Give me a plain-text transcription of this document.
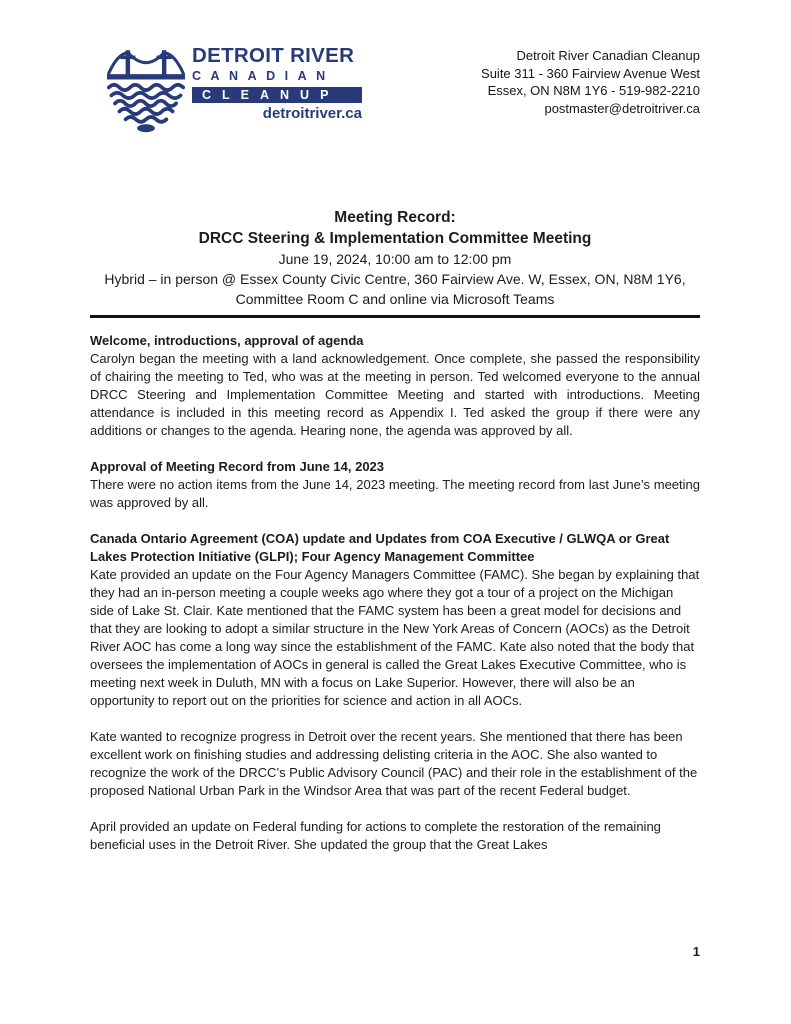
DETROIT RIVER
CANADIAN
CLEANUP
detroitriver.ca
Detroit River Canadian Cleanup
Suite 311 - 360 Fairview Avenue West
Essex, ON N8M 1Y6 - 519-982-2210
postmaster@detroitriver.ca
Meeting Record:
DRCC Steering & Implementation Committee Meeting
June 19, 2024, 10:00 am to 12:00 pm
Hybrid – in person @ Essex County Civic Centre, 360 Fairview Ave. W, Essex, ON, N8M 1Y6,
Committee Room C and online via Microsoft Teams
Welcome, introductions, approval of agenda

Carolyn began the meeting with a land acknowledgement. Once complete, she passed the responsibility of chairing the meeting to Ted, who was at the meeting in person. Ted welcomed everyone to the annual DRCC Steering and Implementation Committee Meeting and started with introductions. Meeting attendance is included in this meeting record as Appendix I. Ted asked the group if there were any additions or changes to the agenda. Hearing none, the agenda was approved by all.

Approval of Meeting Record from June 14, 2023

There were no action items from the June 14, 2023 meeting. The meeting record from last June’s meeting was approved by all.

Canada Ontario Agreement (COA) update and Updates from COA Executive / GLWQA or Great Lakes Protection Initiative (GLPI); Four Agency Management Committee

Kate provided an update on the Four Agency Managers Committee (FAMC). She began by explaining that they had an in-person meeting a couple weeks ago where they got a tour of a project on the Michigan side of Lake St. Clair. Kate mentioned that the FAMC system has been a great model for decisions and that they are looking to adopt a similar structure in the New York Areas of Concern (AOCs) as the Detroit River AOC has come a long way since the establishment of the FAMC. Kate also noted that the body that oversees the implementation of AOCs in general is called the Great Lakes Executive Committee, who is meeting next week in Duluth, MN with a focus on Lake Superior. However, there will also be an opportunity to report out on the priorities for science and action in all AOCs.

Kate wanted to recognize progress in Detroit over the recent years. She mentioned that there has been excellent work on finishing studies and addressing delisting criteria in the AOC. She also wanted to recognize the work of the DRCC’s Public Advisory Council (PAC) and their role in the establishment of the proposed National Urban Park in the Windsor Area that was part of the recent Federal budget.

April provided an update on Federal funding for actions to complete the restoration of the remaining beneficial uses in the Detroit River. She updated the group that the Great Lakes

1
